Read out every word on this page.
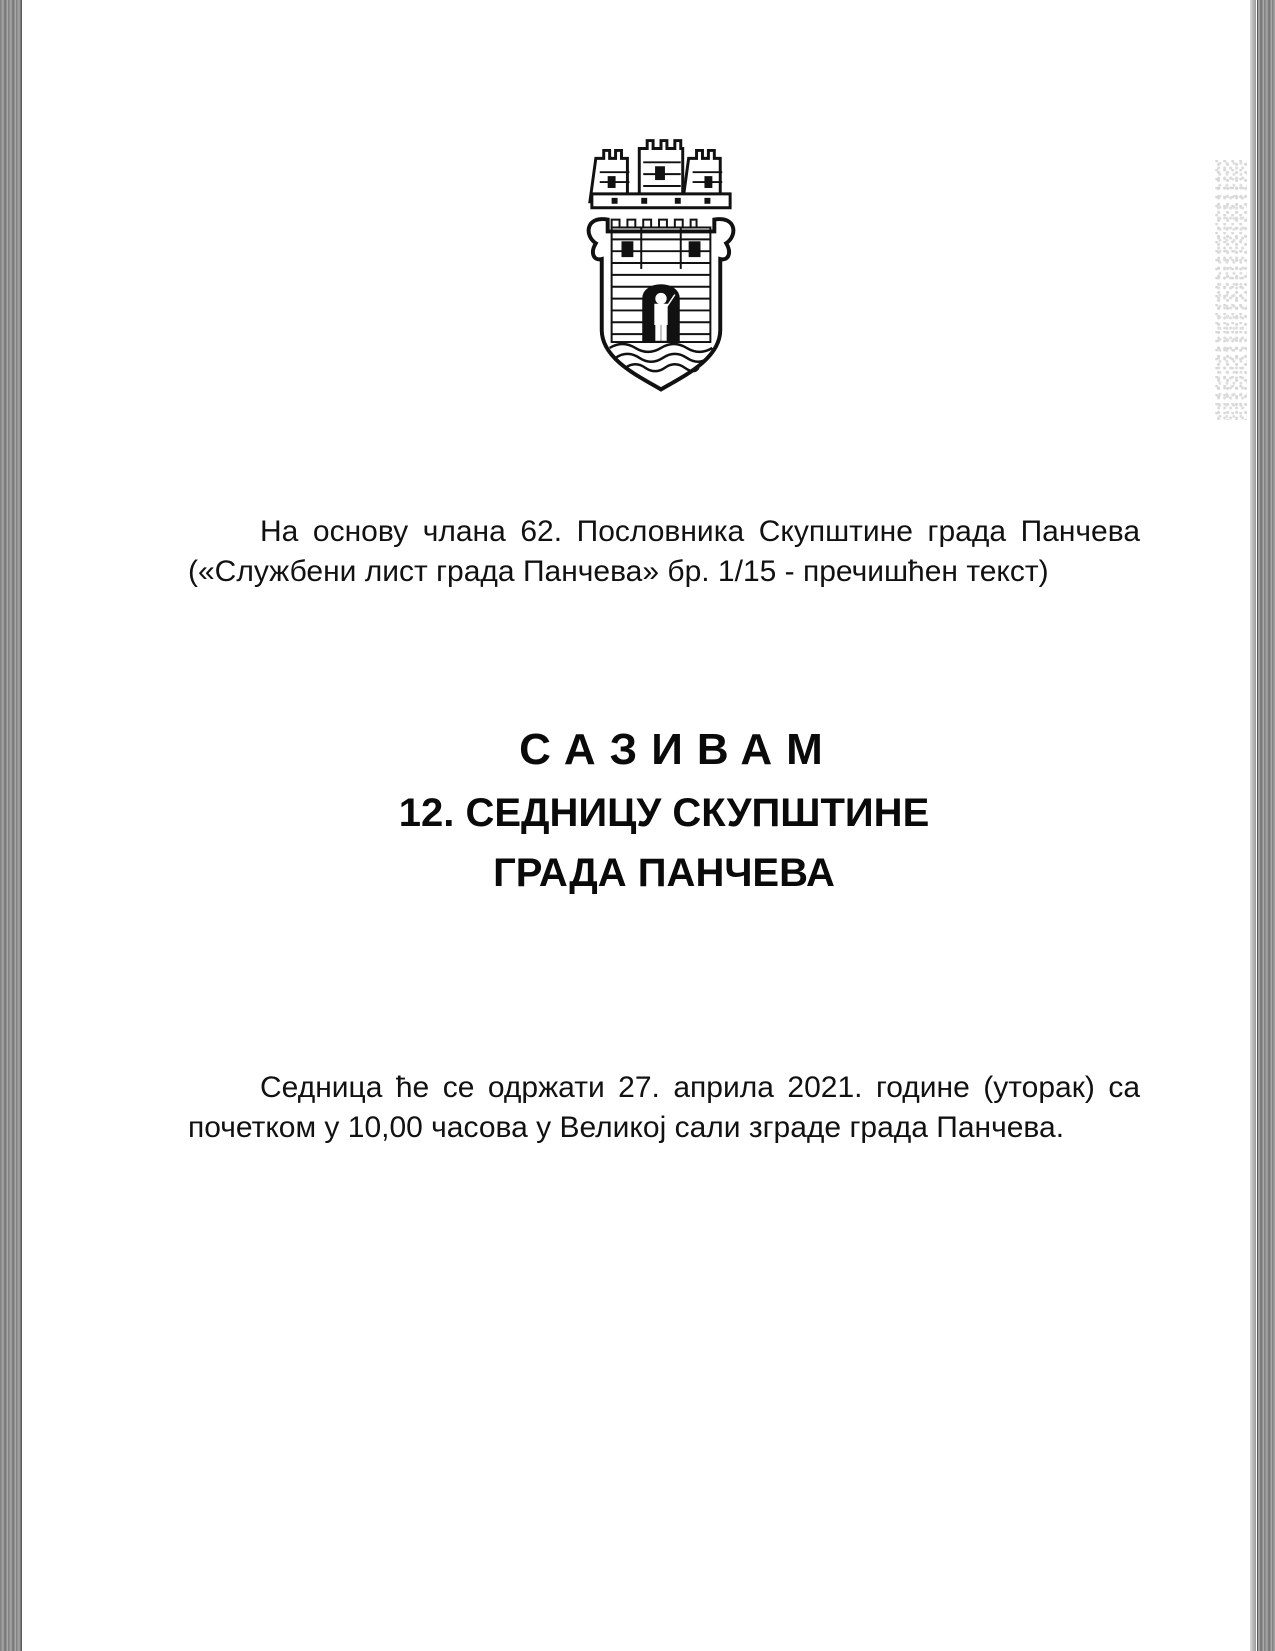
На основу члана 62. Пословника Скупштине града Панчева («Службени лист града Панчева» бр. 1/15 - пречишћен текст)

САЗИВАМ
12. СЕДНИЦУ СКУПШТИНЕ
ГРАДА ПАНЧЕВА

Седница ће се одржати 27. априла 2021. године (уторак) са почетком у 10,00 часова у Великој сали зграде града Панчева.
